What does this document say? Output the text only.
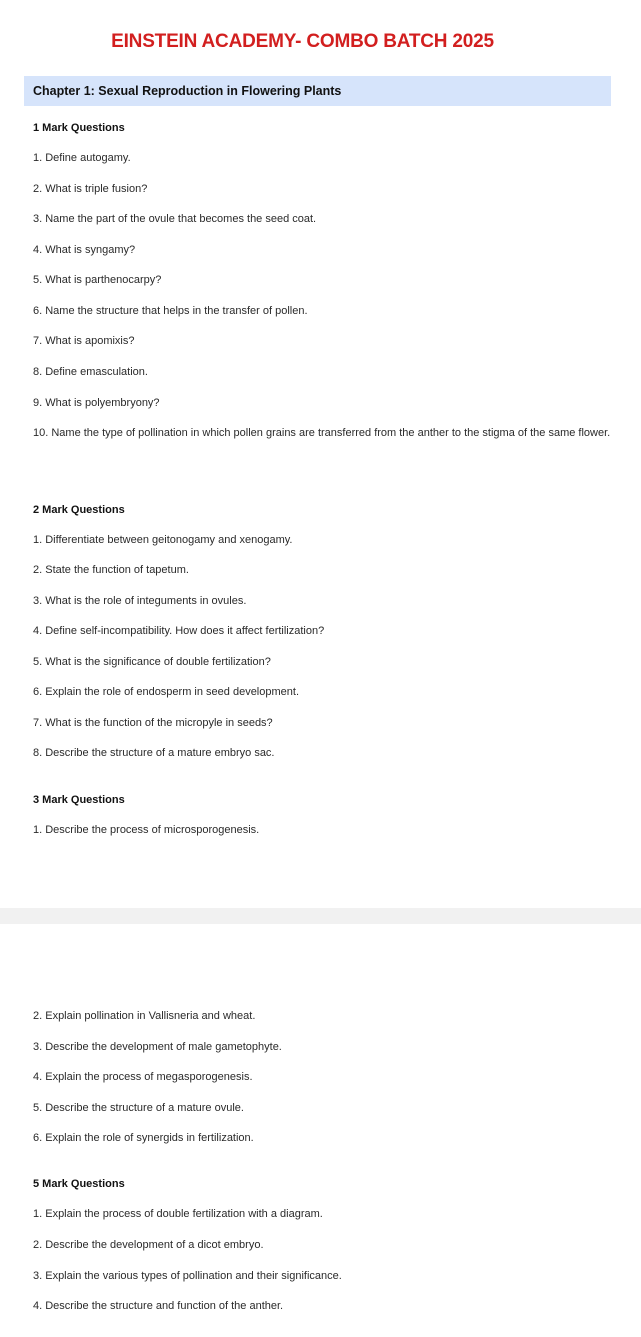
EINSTEIN ACADEMY- COMBO BATCH 2025
Chapter 1: Sexual Reproduction in Flowering Plants
1 Mark Questions
1. Define autogamy.
2. What is triple fusion?
3. Name the part of the ovule that becomes the seed coat.
4. What is syngamy?
5. What is parthenocarpy?
6. Name the structure that helps in the transfer of pollen.
7. What is apomixis?
8. Define emasculation.
9. What is polyembryony?
10. Name the type of pollination in which pollen grains are transferred from the anther to the stigma of the same flower.
2 Mark Questions
1. Differentiate between geitonogamy and xenogamy.
2. State the function of tapetum.
3. What is the role of integuments in ovules.
4. Define self-incompatibility. How does it affect fertilization?
5. What is the significance of double fertilization?
6. Explain the role of endosperm in seed development.
7. What is the function of the micropyle in seeds?
8. Describe the structure of a mature embryo sac.
3 Mark Questions
1. Describe the process of microsporogenesis.
2. Explain pollination in Vallisneria and wheat.
3. Describe the development of male gametophyte.
4. Explain the process of megasporogenesis.
5. Describe the structure of a mature ovule.
6. Explain the role of synergids in fertilization.
5 Mark Questions
1. Explain the process of double fertilization with a diagram.
2. Describe the development of a dicot embryo.
3. Explain the various types of pollination and their significance.
4. Describe the structure and function of the anther.
